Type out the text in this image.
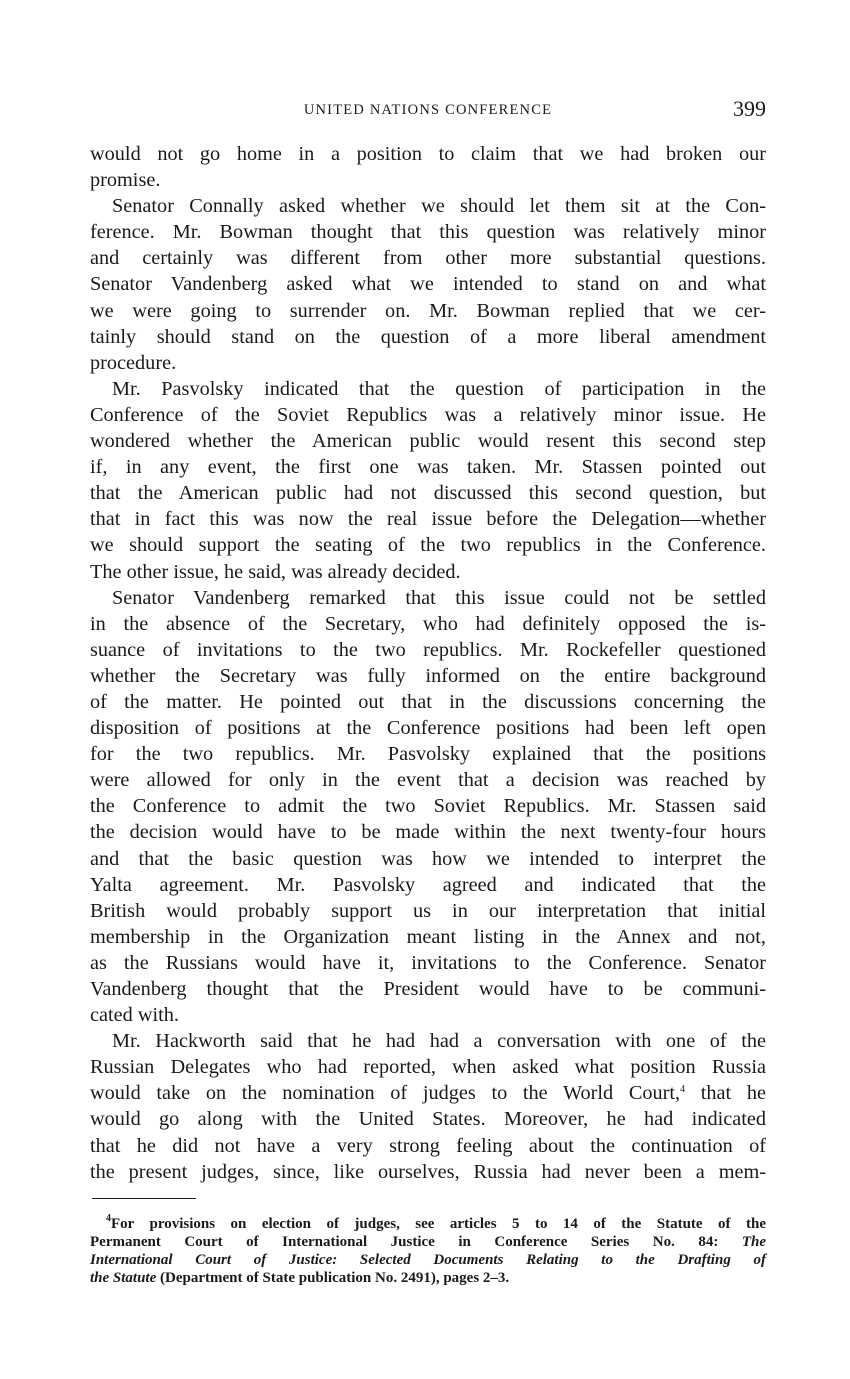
UNITED NATIONS CONFERENCE	399
would not go home in a position to claim that we had broken our
promise.
Senator Connally asked whether we should let them sit at the Con-
ference. Mr. Bowman thought that this question was relatively minor
and certainly was different from other more substantial questions.
Senator Vandenberg asked what we intended to stand on and what
we were going to surrender on. Mr. Bowman replied that we cer-
tainly should stand on the question of a more liberal amendment
procedure.
Mr. Pasvolsky indicated that the question of participation in the
Conference of the Soviet Republics was a relatively minor issue. He
wondered whether the American public would resent this second step
if, in any event, the first one was taken. Mr. Stassen pointed out
that the American public had not discussed this second question, but
that in fact this was now the real issue before the Delegation—whether
we should support the seating of the two republics in the Conference.
The other issue, he said, was already decided.
Senator Vandenberg remarked that this issue could not be settled
in the absence of the Secretary, who had definitely opposed the is-
suance of invitations to the two republics. Mr. Rockefeller questioned
whether the Secretary was fully informed on the entire background
of the matter. He pointed out that in the discussions concerning the
disposition of positions at the Conference positions had been left open
for the two republics. Mr. Pasvolsky explained that the positions
were allowed for only in the event that a decision was reached by
the Conference to admit the two Soviet Republics. Mr. Stassen said
the decision would have to be made within the next twenty-four hours
and that the basic question was how we intended to interpret the
Yalta agreement. Mr. Pasvolsky agreed and indicated that the
British would probably support us in our interpretation that initial
membership in the Organization meant listing in the Annex and not,
as the Russians would have it, invitations to the Conference. Senator
Vandenberg thought that the President would have to be communi-
cated with.
Mr. Hackworth said that he had had a conversation with one of the
Russian Delegates who had reported, when asked what position Russia
would take on the nomination of judges to the World Court,$^4$ that he
would go along with the United States. Moreover, he had indicated
that he did not have a very strong feeling about the continuation of
the present judges, since, like ourselves, Russia had never been a mem-
$^4$For provisions on election of judges, see articles 5 to 14 of the Statute of the
Permanent Court of International Justice in Conference Series No. 84: The
International Court of Justice: Selected Documents Relating to the Drafting of
the Statute (Department of State publication No. 2491), pages 2–3.
